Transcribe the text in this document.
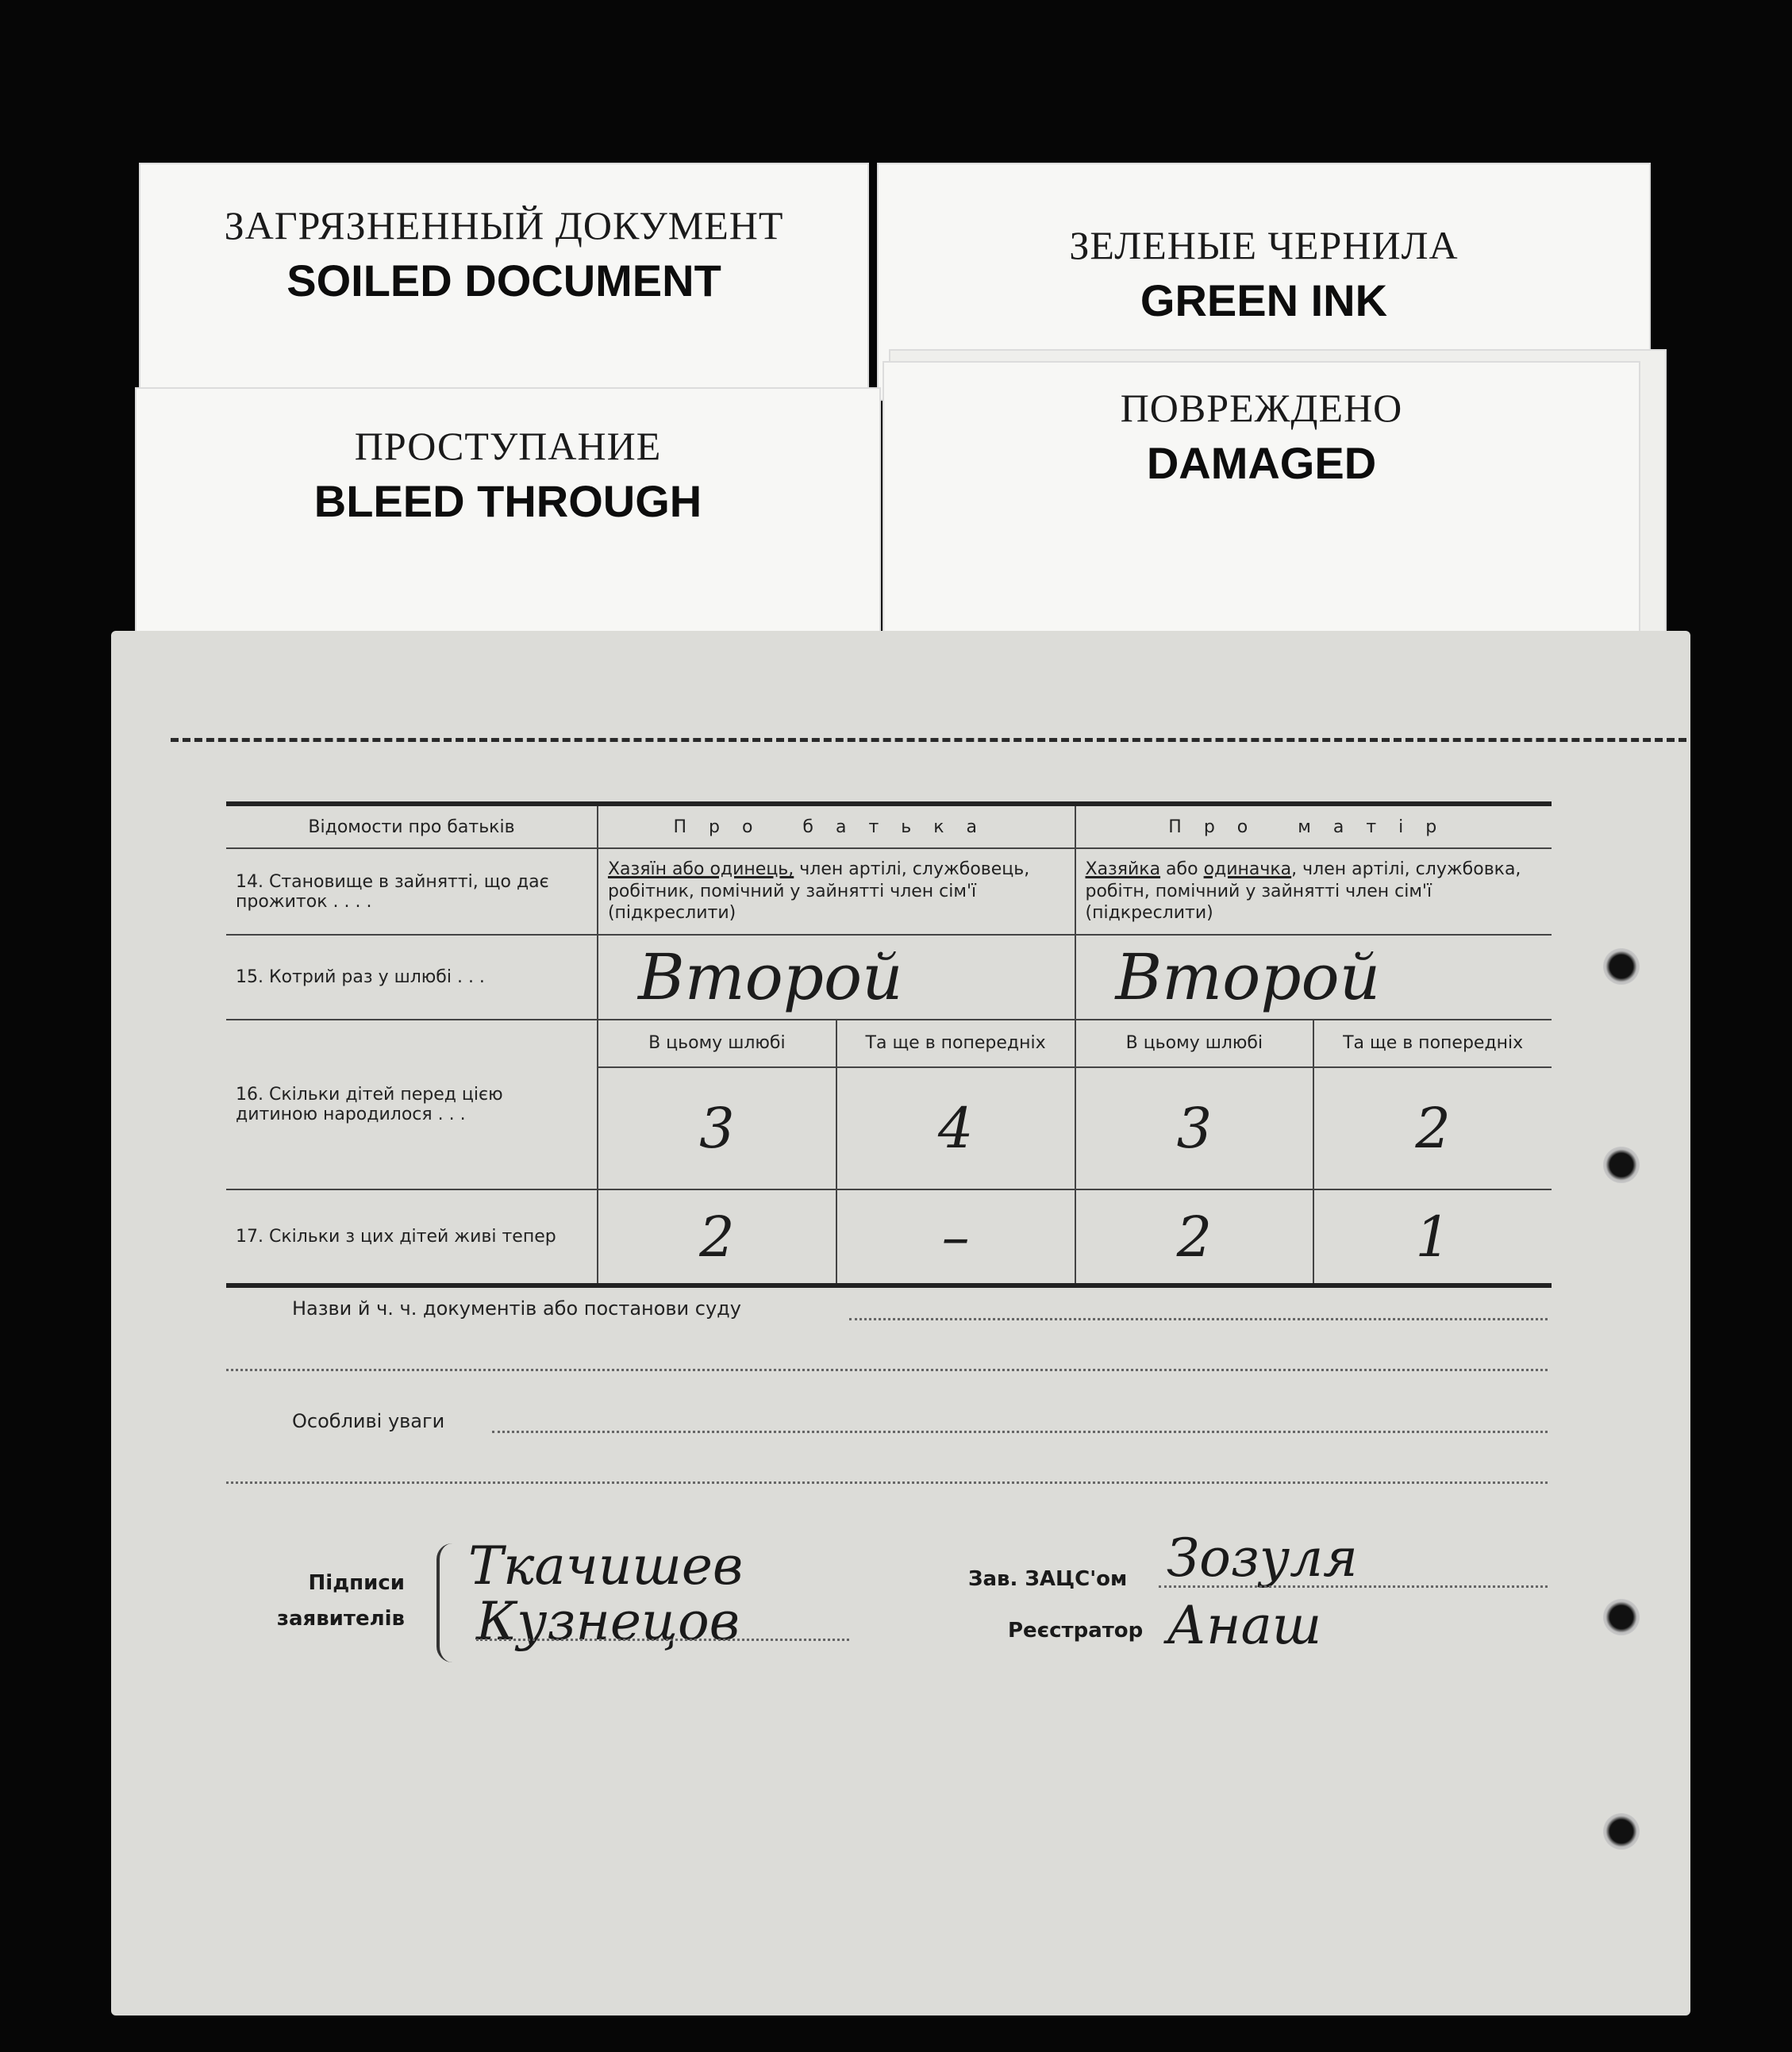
ЗАГРЯЗНЕННЫЙ ДОКУМЕНТ
SOILED DOCUMENT
ЗЕЛЕНЫЕ ЧЕРНИЛА
GREEN INK
ПОВРЕЖДЕНО
DAMAGED
ПРОСТУПАНИЕ
BLEED THROUGH
Відомости про батьків	Про батька		Про матір	
14. Становище в зайнятті, що дає прожиток . . . .	Хазяїн або одинець, член артілі, службовець, робітник, помічний у зайнятті член сім'ї (підкреслити)		Хазяйка або одиначка, член артілі, службовка, робітн, помічний у зайнятті член сім'ї (підкреслити)	
15. Котрий раз у шлюбі . . .	Второй		Второй	
16. Скільки дітей перед цією дитиною народилося . . .	В цьому шлюбі	Та ще в попередніх	В цьому шлюбі	Та ще в попередніх
	3	4	3	2
17. Скільки з цих дітей живі тепер	2	–	2	1
Назви й ч. ч. документів або постанови суду
Особливі уваги
Підписи
заявителів
Ткачишев
Кузнецов
Зав. ЗАЦС'ом Зозуля
Реєстратор Анаш
